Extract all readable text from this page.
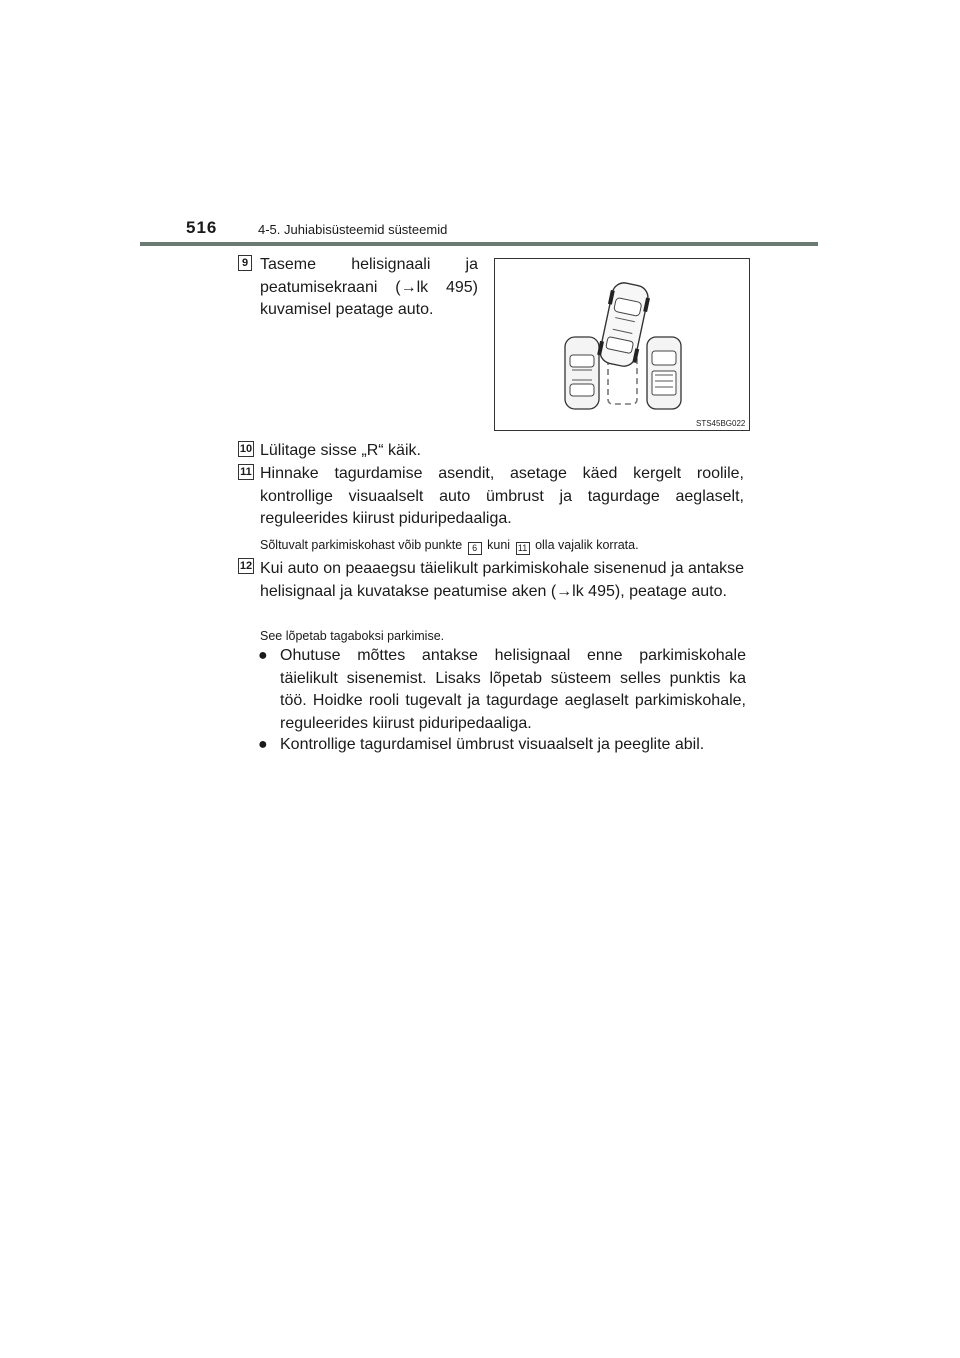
516	4-5. Juhiabisüsteemid süsteemid
9 Taseme helisignaali ja peatumisekraani (→lk 495) kuvamisel peatage auto.
STS45BG022
10 Lülitage sisse „R“ käik.
11 Hinnake tagurdamise asendit, asetage käed kergelt roolile, kontrollige visuaalselt auto ümbrust ja tagurdage aeglaselt, reguleerides kiirust piduripedaaliga.
Sõltuvalt parkimiskohast võib punkte 6 kuni 11 olla vajalik korrata.
12 Kui auto on peaaegsu täielikult parkimiskohale sisenenud ja antakse helisignaal ja kuvatakse peatumise aken (→lk 495), peatage auto.
See lõpetab tagaboksi parkimise.
● Ohutuse mõttes antakse helisignaal enne parkimiskohale täielikult sisenemist. Lisaks lõpetab süsteem selles punktis ka töö. Hoidke rooli tugevalt ja tagurdage aeglaselt parkimiskohale, reguleerides kiirust piduripedaaliga.
● Kontrollige tagurdamisel ümbrust visuaalselt ja peeglite abil.
